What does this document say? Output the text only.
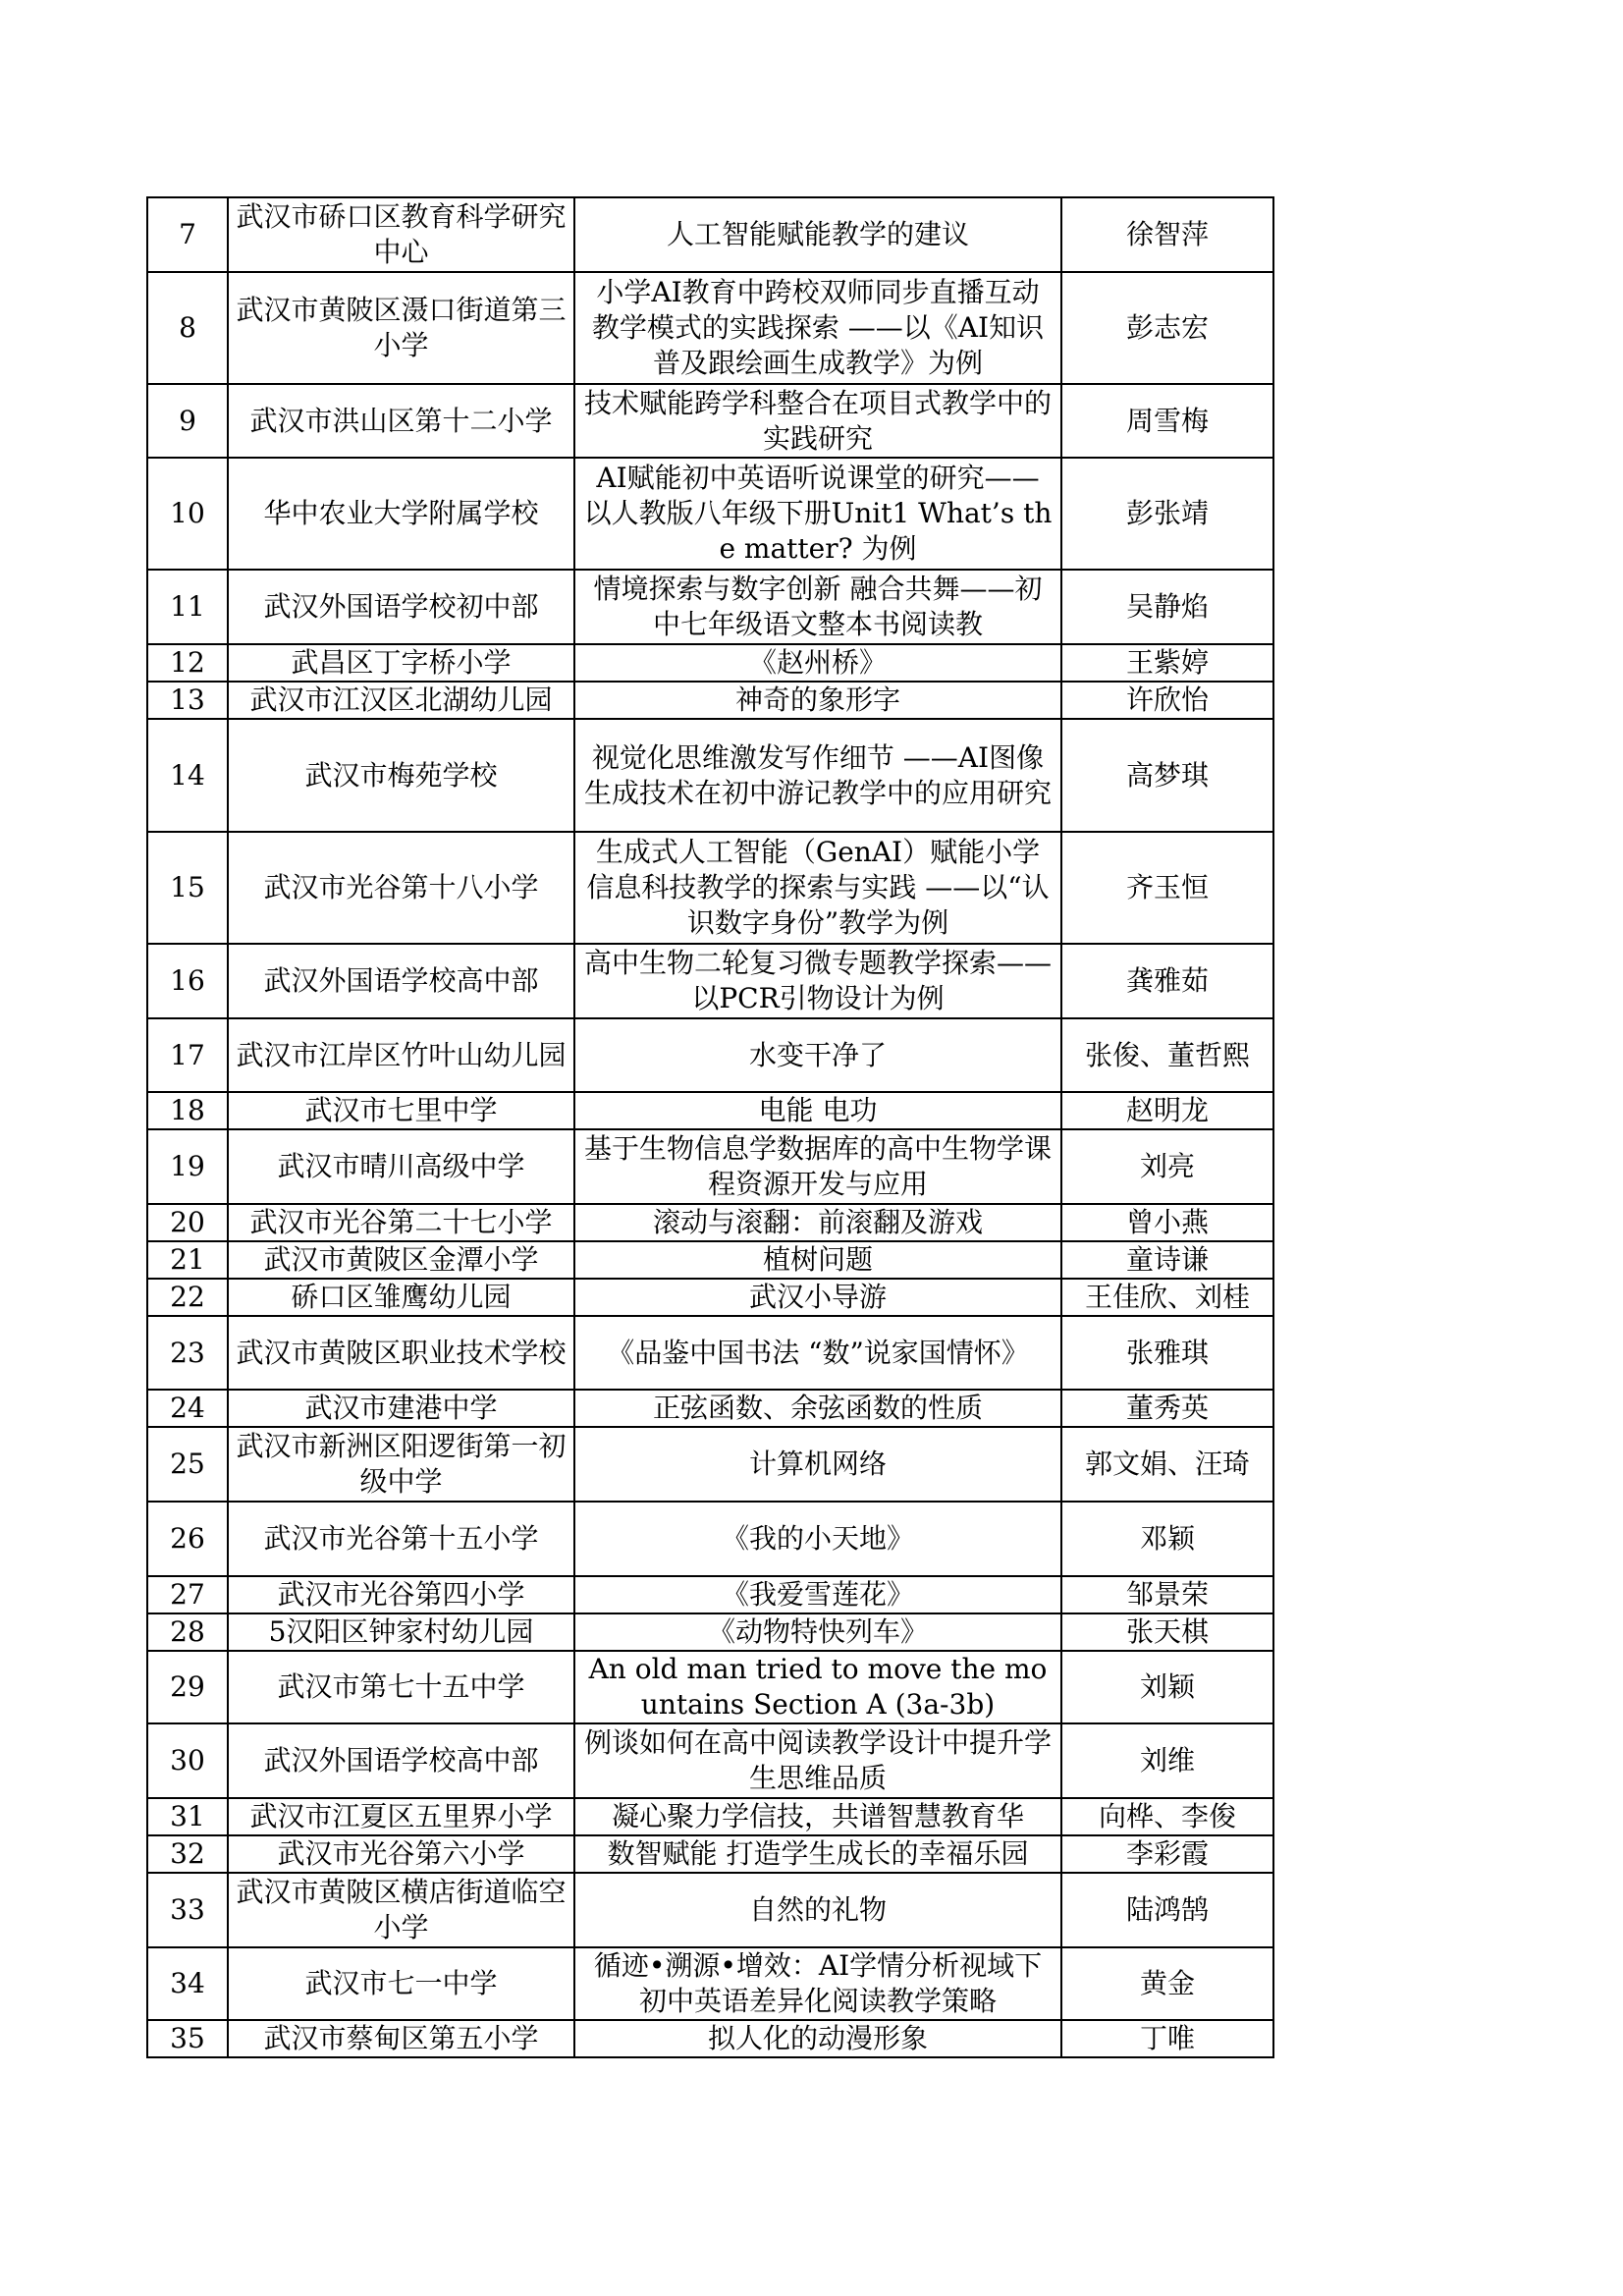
7	武汉市硚口区教育科学研究中心	人工智能赋能教学的建议	徐智萍
8	武汉市黄陂区滠口街道第三小学	小学AI教育中跨校双师同步直播互动教学模式的实践探索 ——以《AI知识普及跟绘画生成教学》为例	彭志宏
9	武汉市洪山区第十二小学	技术赋能跨学科整合在项目式教学中的实践研究	周雪梅
10	华中农业大学附属学校	AI赋能初中英语听说课堂的研究——以人教版八年级下册Unit1 What’s the matter? 为例	彭张靖
11	武汉外国语学校初中部	情境探索与数字创新 融合共舞——初中七年级语文整本书阅读教	吴静焰
12	武昌区丁字桥小学	《赵州桥》	王紫婷
13	武汉市江汉区北湖幼儿园	神奇的象形字	许欣怡
14	武汉市梅苑学校	视觉化思维激发写作细节 ——AI图像生成技术在初中游记教学中的应用研究	高梦琪
15	武汉市光谷第十八小学	生成式人工智能（GenAI）赋能小学信息科技教学的探索与实践 ——以“认识数字身份”教学为例	齐玉恒
16	武汉外国语学校高中部	高中生物二轮复习微专题教学探索——以PCR引物设计为例	龚雅茹
17	武汉市江岸区竹叶山幼儿园	水变干净了	张俊、董哲熙
18	武汉市七里中学	电能 电功	赵明龙
19	武汉市晴川高级中学	基于生物信息学数据库的高中生物学课程资源开发与应用	刘亮
20	武汉市光谷第二十七小学	滚动与滚翻：前滚翻及游戏	曾小燕
21	武汉市黄陂区金潭小学	植树问题	童诗谦
22	硚口区雏鹰幼儿园	武汉小导游	王佳欣、刘桂
23	武汉市黄陂区职业技术学校	《品鉴中国书法 “数”说家国情怀》	张雅琪
24	武汉市建港中学	正弦函数、余弦函数的性质	董秀英
25	武汉市新洲区阳逻街第一初级中学	计算机网络	郭文娟、汪琦
26	武汉市光谷第十五小学	《我的小天地》	邓颖
27	武汉市光谷第四小学	《我爱雪莲花》	邹景荣
28	5汉阳区钟家村幼儿园	《动物特快列车》	张天棋
29	武汉市第七十五中学	An old man tried to move the mountains Section A (3a-3b)	刘颖
30	武汉外国语学校高中部	例谈如何在高中阅读教学设计中提升学生思维品质	刘维
31	武汉市江夏区五里界小学	凝心聚力学信技，共谱智慧教育华	向桦、李俊
32	武汉市光谷第六小学	数智赋能 打造学生成长的幸福乐园	李彩霞
33	武汉市黄陂区横店街道临空小学	自然的礼物	陆鸿鹄
34	武汉市七一中学	循迹•溯源•增效：AI学情分析视域下初中英语差异化阅读教学策略	黄金
35	武汉市蔡甸区第五小学	拟人化的动漫形象	丁唯
